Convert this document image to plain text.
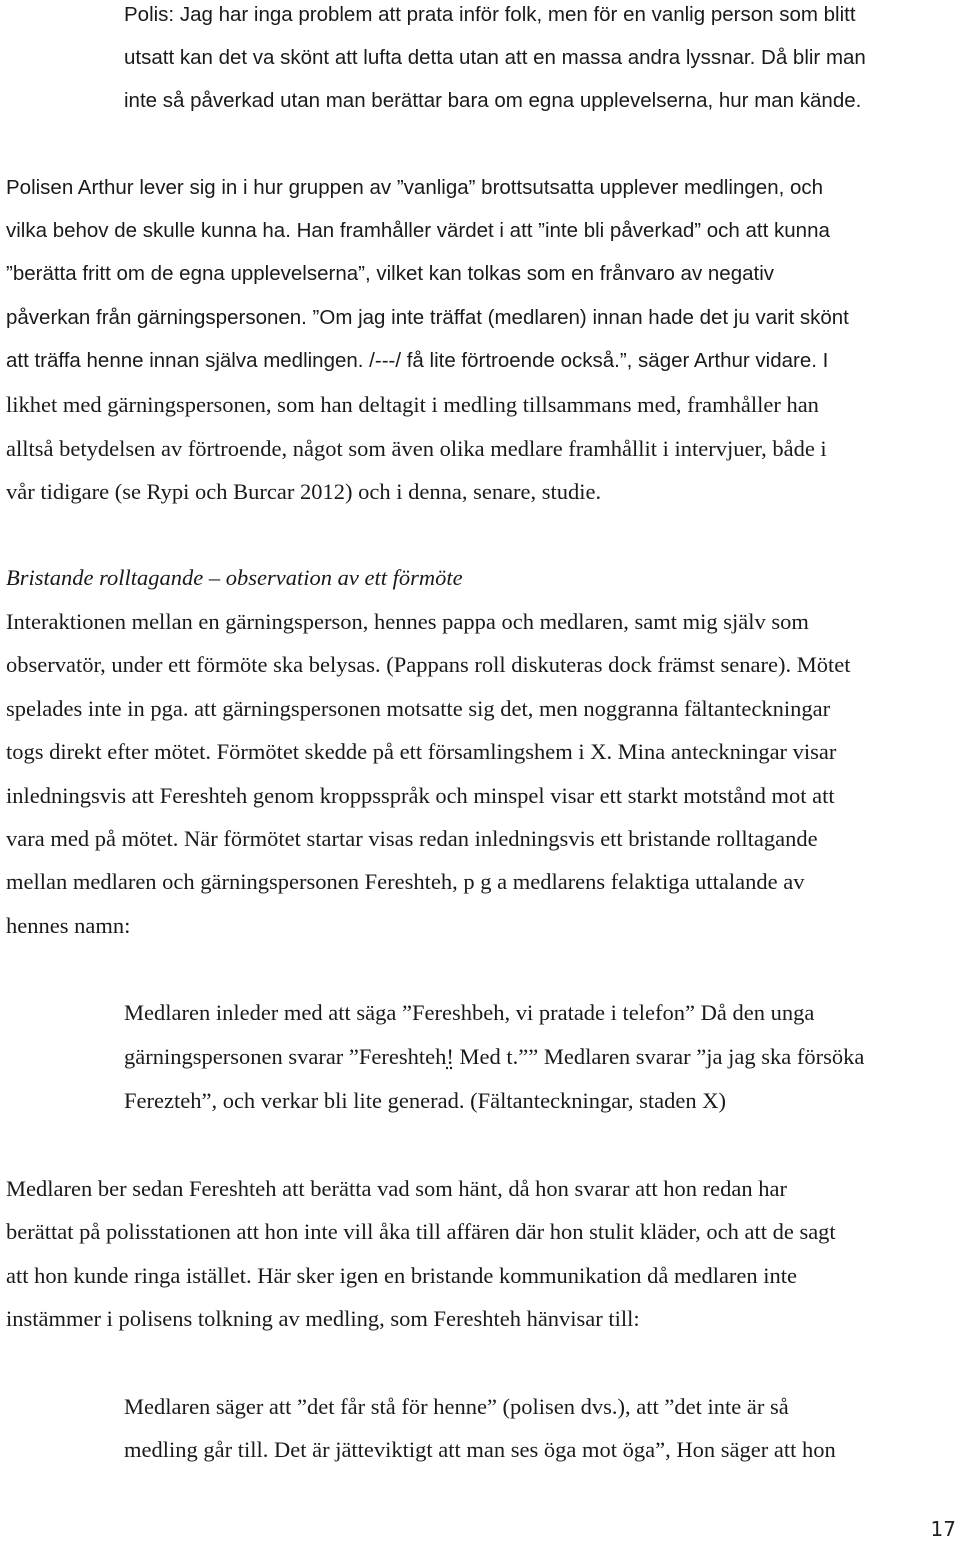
Polis: Jag har inga problem att prata inför folk, men för en vanlig person som blitt

utsatt kan det va skönt att lufta detta utan att en massa andra lyssnar. Då blir man

inte så påverkad utan man berättar bara om egna upplevelserna, hur man kände.

Polisen Arthur lever sig in i hur gruppen av ”vanliga” brottsutsatta upplever medlingen, och

vilka behov de skulle kunna ha. Han framhåller värdet i att ”inte bli påverkad” och att kunna

”berätta fritt om de egna upplevelserna”, vilket kan tolkas som en frånvaro av negativ

påverkan från gärningspersonen. ”Om jag inte träffat (medlaren) innan hade det ju varit skönt

att träffa henne innan själva medlingen. /---/ få lite förtroende också.”, säger Arthur vidare. I

likhet med gärningspersonen, som han deltagit i medling tillsammans med, framhåller han

alltså betydelsen av förtroende, något som även olika medlare framhållit i intervjuer, både i

vår tidigare (se Rypi och Burcar 2012) och i denna, senare, studie.

Bristande rolltagande – observation av ett förmöte

Interaktionen mellan en gärningsperson, hennes pappa och medlaren, samt mig själv som

observatör, under ett förmöte ska belysas. (Pappans roll diskuteras dock främst senare). Mötet

spelades inte in pga. att gärningspersonen motsatte sig det, men noggranna fältanteckningar

togs direkt efter mötet. Förmötet skedde på ett församlingshem i X. Mina anteckningar visar

inledningsvis att Fereshteh genom kroppsspråk och minspel visar ett starkt motstånd mot att

vara med på mötet. När förmötet startar visas redan inledningsvis ett bristande rolltagande

mellan medlaren och gärningspersonen Fereshteh, p g a medlarens felaktiga uttalande av

hennes namn:

Medlaren inleder med att säga ”Fereshbeh, vi pratade i telefon” Då den unga

gärningspersonen svarar ”Fereshteh! Med t.”” Medlaren svarar ”ja jag ska försöka

Ferezteh”, och verkar bli lite generad. (Fältanteckningar, staden X)

Medlaren ber sedan Fereshteh att berätta vad som hänt, då hon svarar att hon redan har

berättat på polisstationen att hon inte vill åka till affären där hon stulit kläder, och att de sagt

att hon kunde ringa istället. Här sker igen en bristande kommunikation då medlaren inte

instämmer i polisens tolkning av medling, som Fereshteh hänvisar till:

Medlaren säger att ”det får stå för henne” (polisen dvs.), att ”det inte är så

medling går till. Det är jätteviktigt att man ses öga mot öga”, Hon säger att hon

17
